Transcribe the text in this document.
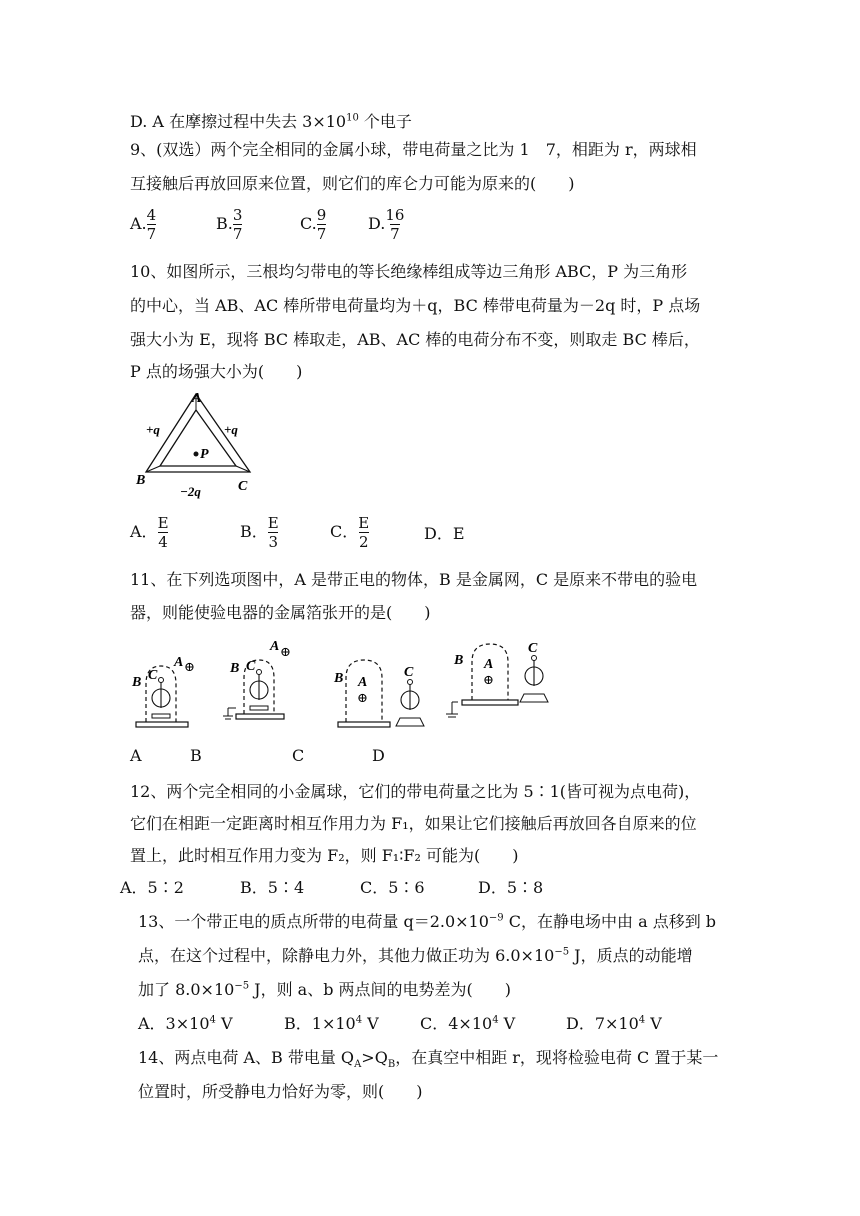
D. A 在摩擦过程中失去 $3\times 10^{10}$ 个电子
9、(双选）两个完全相同的金属小球，带电荷量之比为 1　7，相距为 r，两球相
互接触后再放回原来位置，则它们的库仑力可能为原来的(　　)
A. $\frac{4}{7}$	B. $\frac{3}{7}$	C. $\frac{9}{7}$	D. $\frac{16}{7}$
10、如图所示，三根均匀带电的等长绝缘棒组成等边三角形 ABC，P 为三角形
的中心，当 AB、AC 棒所带电荷量均为＋q，BC 棒带电荷量为－2q 时，P 点场
强大小为 E，现将 BC 棒取走，AB、AC 棒的电荷分布不变，则取走 BC 棒后，
P 点的场强大小为(　　)
A
B	C
P
+q	+q
−2q
A． $\frac{E}{4}$	B． $\frac{E}{3}$	C． $\frac{E}{2}$	D．E
11、在下列选项图中，A 是带正电的物体，B 是金属网，C 是原来不带电的验电
器，则能使验电器的金属箔张开的是(　　)
B C
A ⊕	B C
A ⊕
A
⊕
B	C
A
⊕
B
C
A	B	C	D
12、两个完全相同的小金属球，它们的带电荷量之比为 5∶1(皆可视为点电荷)，
它们在相距一定距离时相互作用力为 F₁，如果让它们接触后再放回各自原来的位
置上，此时相互作用力变为 F₂，则 F₁∶F₂ 可能为(　　)
A．5∶2	B．5∶4	C．5∶6	D．5∶8
13、一个带正电的质点所带的电荷量 $q=2.0\times 10^{-9}$ C，在静电场中由 a 点移到 b
点，在这个过程中，除静电力外，其他力做正功为 $6.0\times 10^{-5}$ J，质点的动能增
加了 $8.0\times 10^{-5}$ J，则 a、b 两点间的电势差为(　　)
A．$3\times 10^4$ V	B．$1\times 10^4$ V	C．$4\times 10^4$ V	D．$7\times 10^4$ V
14、两点电荷 A、B 带电量 $Q_A>Q_B$，在真空中相距 r，现将检验电荷 C 置于某一
位置时，所受静电力恰好为零，则(　　)
